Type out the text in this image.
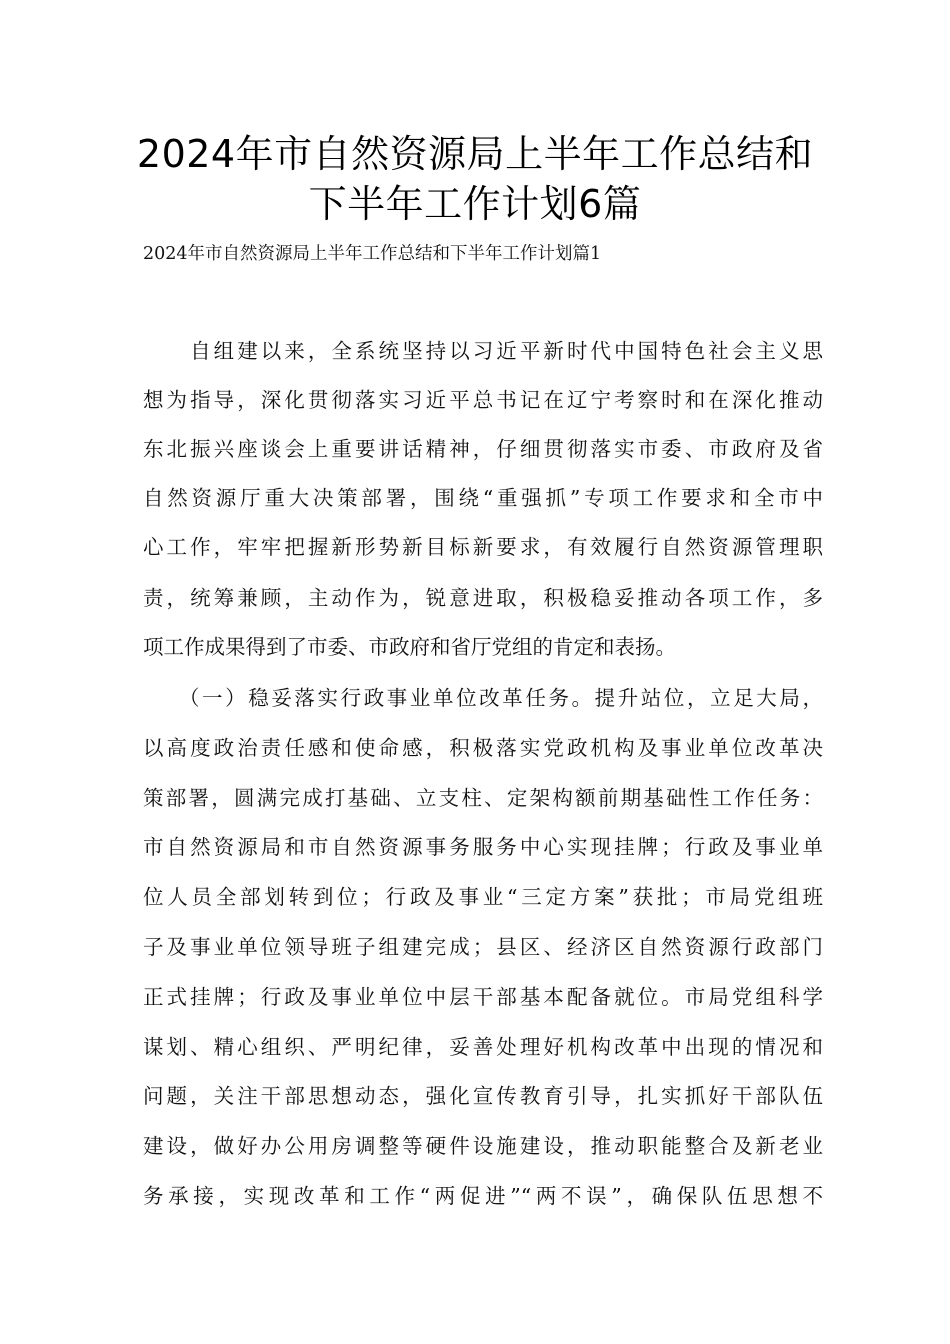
2024年市自然资源局上半年工作总结和
下半年工作计划6篇

2024年市自然资源局上半年工作总结和下半年工作计划篇1

　　自组建以来，全系统坚持以习近平新时代中国特色社会主义思

想为指导，深化贯彻落实习近平总书记在辽宁考察时和在深化推动

东北振兴座谈会上重要讲话精神，仔细贯彻落实市委、市政府及省

自然资源厅重大决策部署，围绕“重强抓”专项工作要求和全市中

心工作，牢牢把握新形势新目标新要求，有效履行自然资源管理职

责，统筹兼顾，主动作为，锐意进取，积极稳妥推动各项工作，多

项工作成果得到了市委、市政府和省厅党组的肯定和表扬。

　　（一）稳妥落实行政事业单位改革任务。提升站位，立足大局，

以高度政治责任感和使命感，积极落实党政机构及事业单位改革决

策部署，圆满完成打基础、立支柱、定架构额前期基础性工作任务：

市自然资源局和市自然资源事务服务中心实现挂牌；行政及事业单

位人员全部划转到位；行政及事业“三定方案”获批；市局党组班

子及事业单位领导班子组建完成；县区、经济区自然资源行政部门

正式挂牌；行政及事业单位中层干部基本配备就位。市局党组科学

谋划、精心组织、严明纪律，妥善处理好机构改革中出现的情况和

问题，关注干部思想动态，强化宣传教育引导，扎实抓好干部队伍

建设，做好办公用房调整等硬件设施建设，推动职能整合及新老业

务承接，实现改革和工作“两促进”“两不误”，确保队伍思想不
